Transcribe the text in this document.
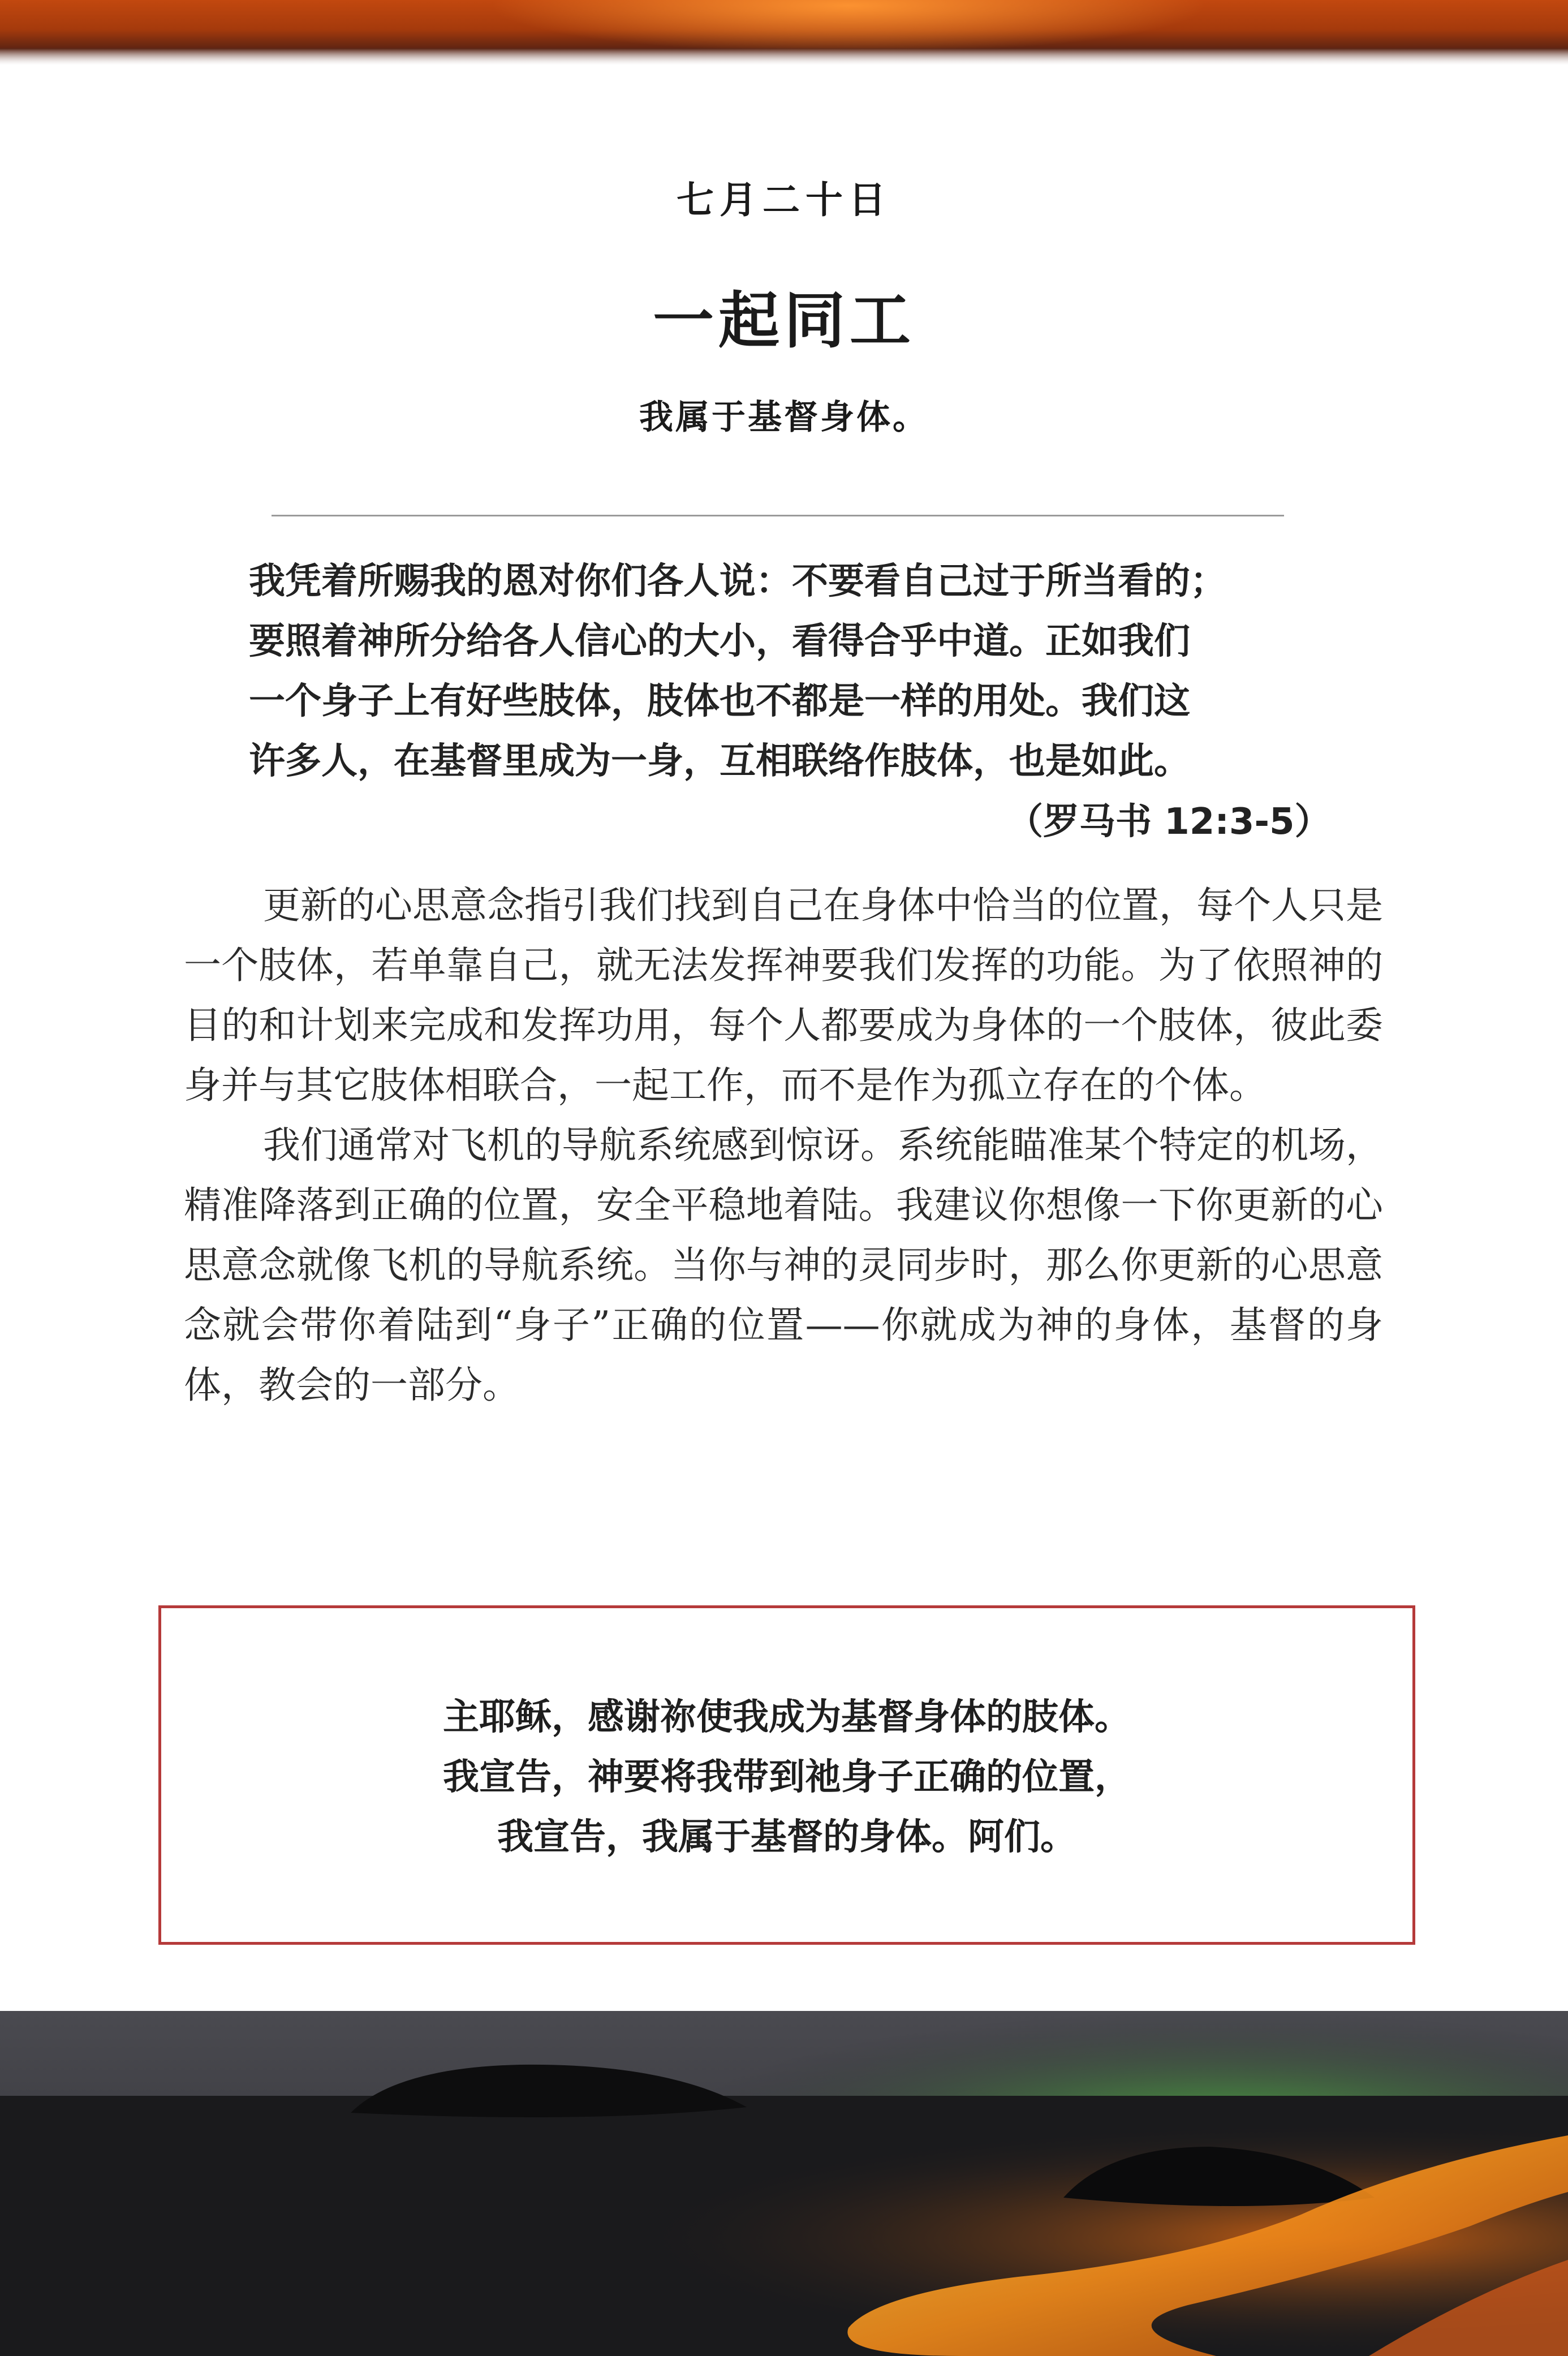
七月二十日
一起同工
我属于基督身体。

我凭着所赐我的恩对你们各人说：不要看自己过于所当看的；

要照着神所分给各人信心的大小，看得合乎中道。正如我们

一个身子上有好些肢体，肢体也不都是一样的用处。我们这

许多人，在基督里成为一身，互相联络作肢体，也是如此。

（罗马书 12:3-5）

更新的心思意念指引我们找到自己在身体中恰当的位置，每个人只是一个肢体，若单靠自己，就无法发挥神要我们发挥的功能。为了依照神的目的和计划来完成和发挥功用，每个人都要成为身体的一个肢体，彼此委身并与其它肢体相联合，一起工作，而不是作为孤立存在的个体。

我们通常对飞机的导航系统感到惊讶。系统能瞄准某个特定的机场，精准降落到正确的位置，安全平稳地着陆。我建议你想像一下你更新的心思意念就像飞机的导航系统。当你与神的灵同步时，那么你更新的心思意念就会带你着陆到“身子”正确的位置——你就成为神的身体，基督的身体，教会的一部分。

主耶稣，感谢祢使我成为基督身体的肢体。

我宣告，神要将我带到祂身子正确的位置，

我宣告，我属于基督的身体。阿们。
